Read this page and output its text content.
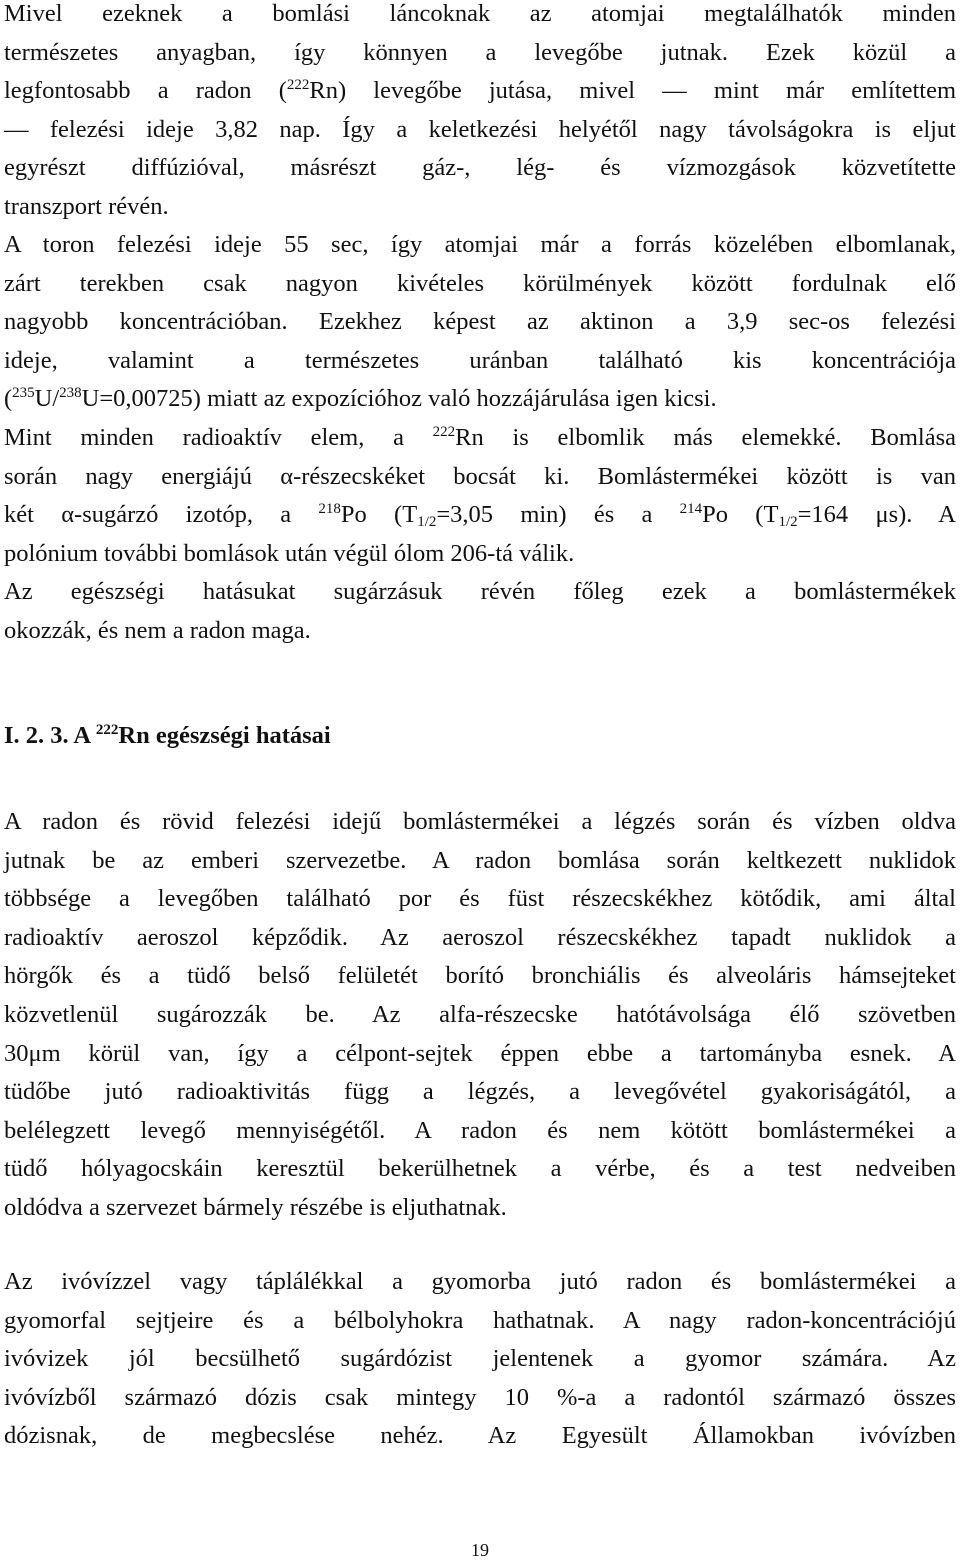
Mivel ezeknek a bomlási láncoknak az atomjai megtalálhatók minden
természetes anyagban, így könnyen a levegőbe jutnak. Ezek közül a
legfontosabb a radon ($^{222}$Rn) levegőbe jutása, mivel — mint már említettem
— felezési ideje 3,82 nap. Így a keletkezési helyétől nagy távolságokra is eljut
egyrészt diffúzióval, másrészt gáz-, lég- és vízmozgások közvetítette
transzport révén.
A toron felezési ideje 55 sec, így atomjai már a forrás közelében elbomlanak,
zárt terekben csak nagyon kivételes körülmények között fordulnak elő
nagyobb koncentrációban. Ezekhez képest az aktinon a 3,9 sec-os felezési
ideje, valamint a természetes uránban található kis koncentrációja
($^{235}$U/$^{238}$U=0,00725) miatt az expozícióhoz való hozzájárulása igen kicsi.
Mint minden radioaktív elem, a $^{222}$Rn is elbomlik más elemekké. Bomlása
során nagy energiájú α-részecskéket bocsát ki. Bomlástermékei között is van
két α-sugárzó izotóp, a $^{218}$Po ($T_{1/2}=3,05$ min) és a $^{214}$Po ($T_{1/2}=164$ μs). A
polónium további bomlások után végül ólom 206-tá válik.
Az egészségi hatásukat sugárzásuk révén főleg ezek a bomlástermékek
okozzák, és nem a radon maga.
I. 2. 3. A $^{222}$Rn egészségi hatásai
A radon és rövid felezési idejű bomlástermékei a légzés során és vízben oldva
jutnak be az emberi szervezetbe. A radon bomlása során keltkezett nuklidok
többsége a levegőben található por és füst részecskékhez kötődik, ami által
radioaktív aeroszol képződik. Az aeroszol részecskékhez tapadt nuklidok a
hörgők és a tüdő belső felületét borító bronchiális és alveoláris hámsejteket
közvetlenül sugározzák be. Az alfa-részecske hatótávolsága élő szövetben
30μm körül van, így a célpont-sejtek éppen ebbe a tartományba esnek. A
tüdőbe jutó radioaktivitás függ a légzés, a levegővétel gyakoriságától, a
belélegzett levegő mennyiségétől. A radon és nem kötött bomlástermékei a
tüdő hólyagocskáin keresztül bekerülhetnek a vérbe, és a test nedveiben
oldódva a szervezet bármely részébe is eljuthatnak.
Az ivóvízzel vagy táplálékkal a gyomorba jutó radon és bomlástermékei a
gyomorfal sejtjeire és a bélbolyhokra hathatnak. A nagy radon-koncentrációjú
ivóvizek jól becsülhető sugárdózist jelentenek a gyomor számára. Az
ivóvízből származó dózis csak mintegy 10 %-a a radontól származó összes
dózisnak, de megbecslése nehéz. Az Egyesült Államokban ivóvízben
19
